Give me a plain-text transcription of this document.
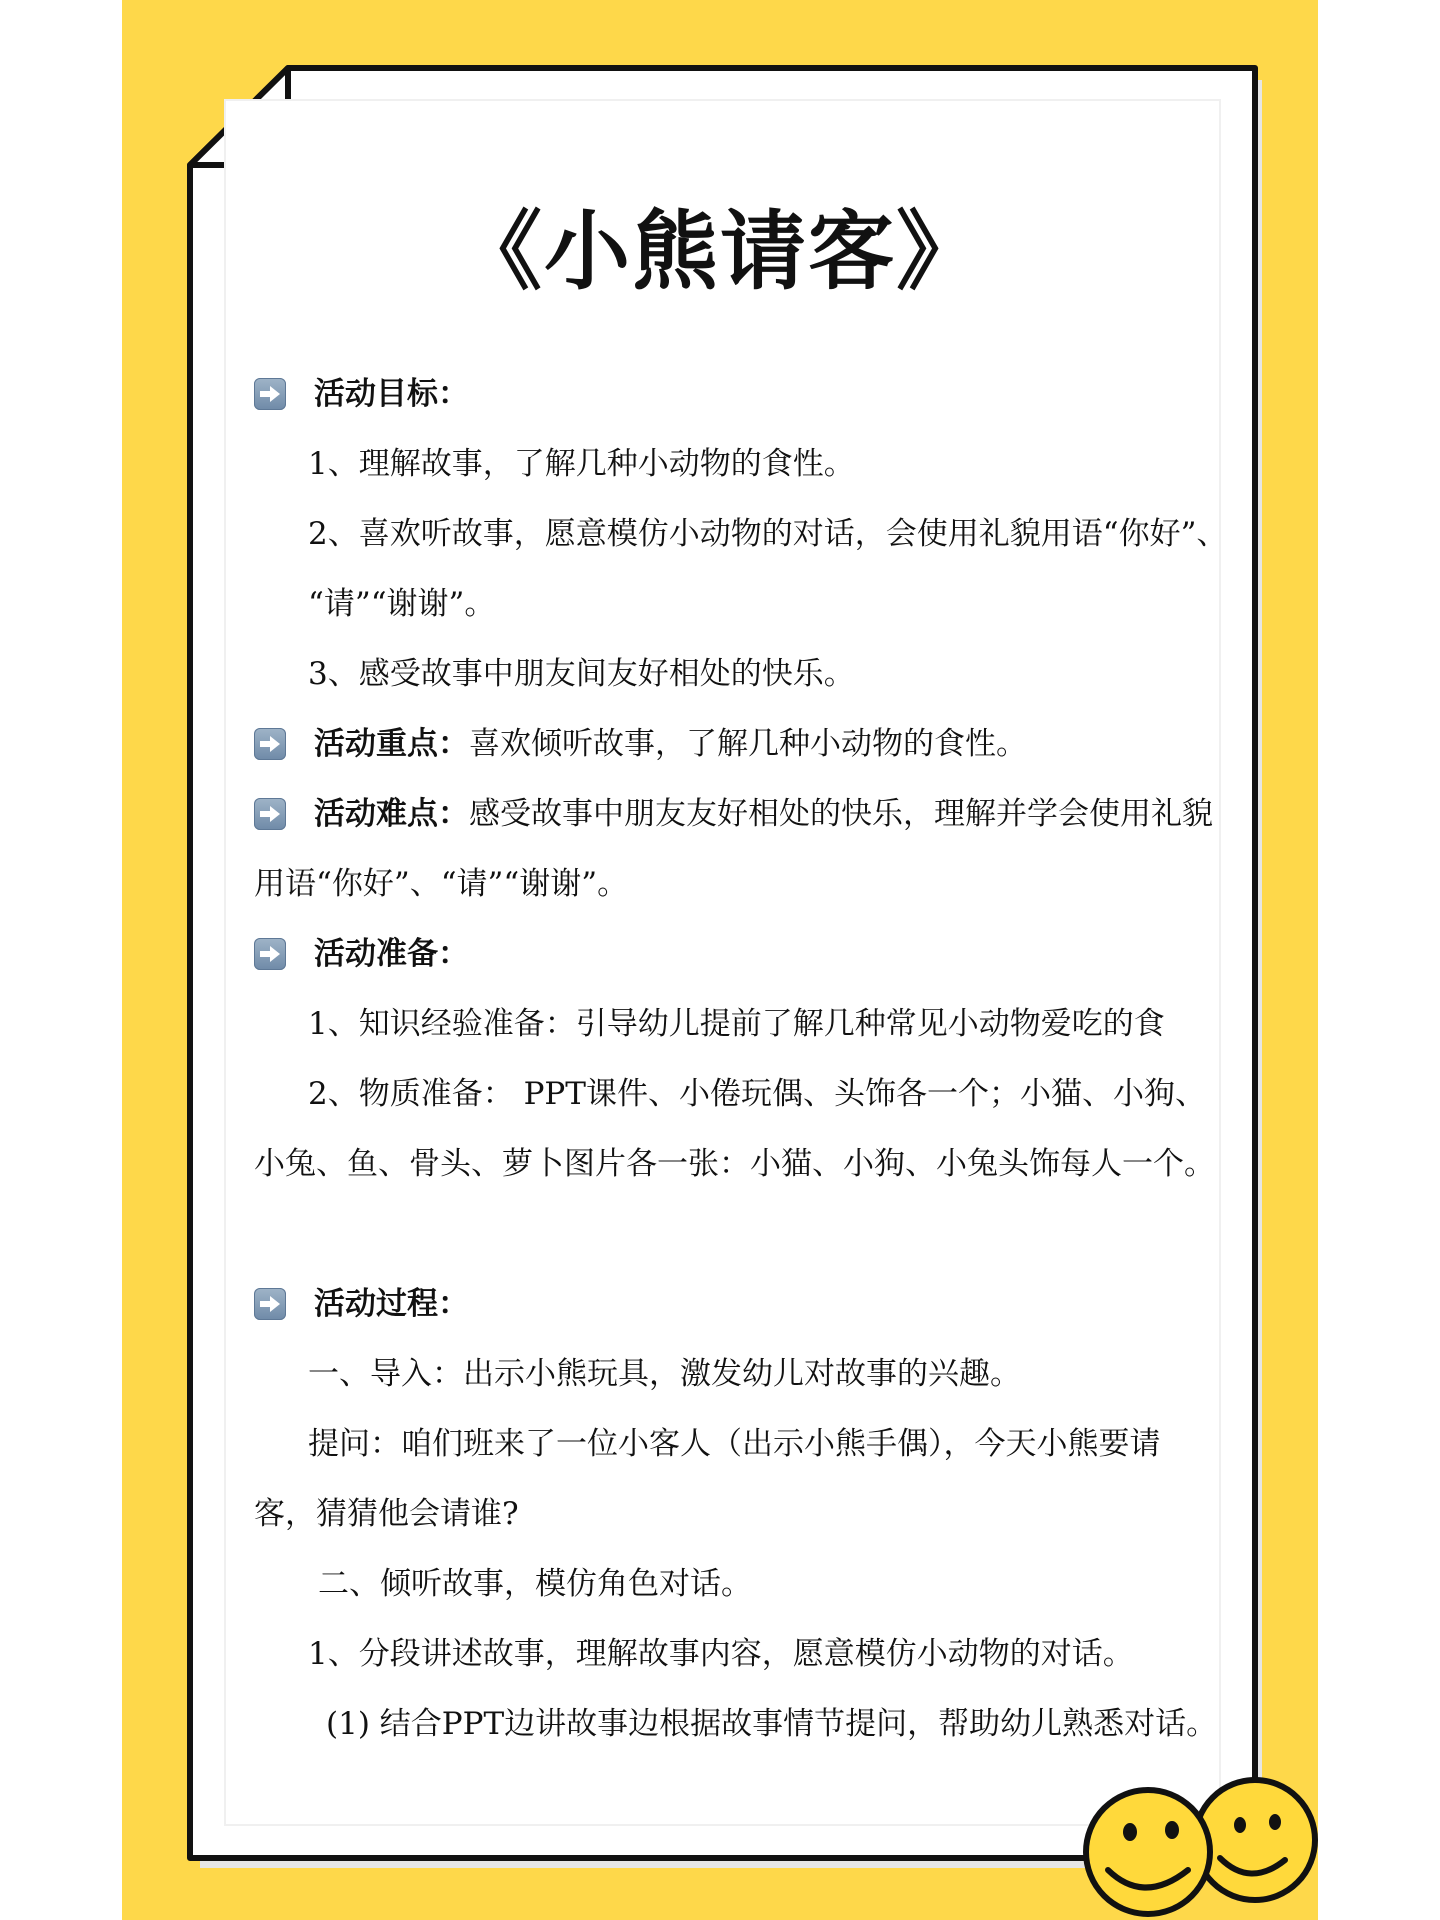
《小熊请客》
活动目标：
1、理解故事，了解几种小动物的食性。
2、喜欢听故事，愿意模仿小动物的对话，会使用礼貌用语“你好”、
“请”“谢谢”。
3、感受故事中朋友间友好相处的快乐。
活动重点：喜欢倾听故事，了解几种小动物的食性。
活动难点：感受故事中朋友友好相处的快乐，理解并学会使用礼貌
用语“你好”、“请”“谢谢”。
活动准备：
1、知识经验准备：引导幼儿提前了解几种常见小动物爱吃的食
2、物质准备： PPT课件、小倦玩偶、头饰各一个；小猫、小狗、
小兔、鱼、骨头、萝卜图片各一张：小猫、小狗、小兔头饰每人一个。
活动过程：
一、导入：出示小熊玩具，激发幼儿对故事的兴趣。
提问：咱们班来了一位小客人（出示小熊手偶），今天小熊要请
客，猜猜他会请谁?
二、倾听故事，模仿角色对话。
1、分段讲述故事，理解故事内容，愿意模仿小动物的对话。
(1) 结合PPT边讲故事边根据故事情节提问，帮助幼儿熟悉对话。
